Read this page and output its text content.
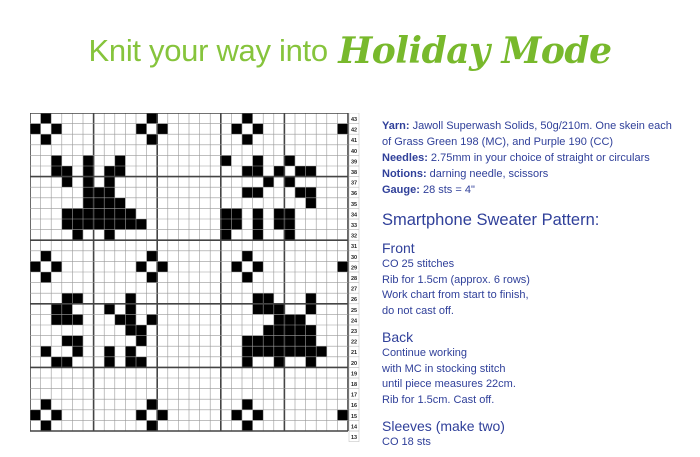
Knit your way into Holiday Mode
43
42
41
40
39
38
37
36
35
34
33
32
31
30
29
28
27
26
25
24
23
22
21
20
19
18
17
16
15
14
13
Yarn: Jawoll Superwash Solids, 50g/210m. One skein each of Grass Green 198 (MC), and Purple 190 (CC)
Needles: 2.75mm in your choice of straight or circulars
Notions: darning needle, scissors
Gauge: 28 sts = 4"
Smartphone Sweater Pattern:
Front
CO 25 stitches
Rib for 1.5cm (approx. 6 rows)
Work chart from start to finish,
do not cast off.
Back
Continue working
with MC in stocking stitch
until piece measures 22cm.
Rib for 1.5cm. Cast off.
Sleeves (make two)
CO 18 sts
